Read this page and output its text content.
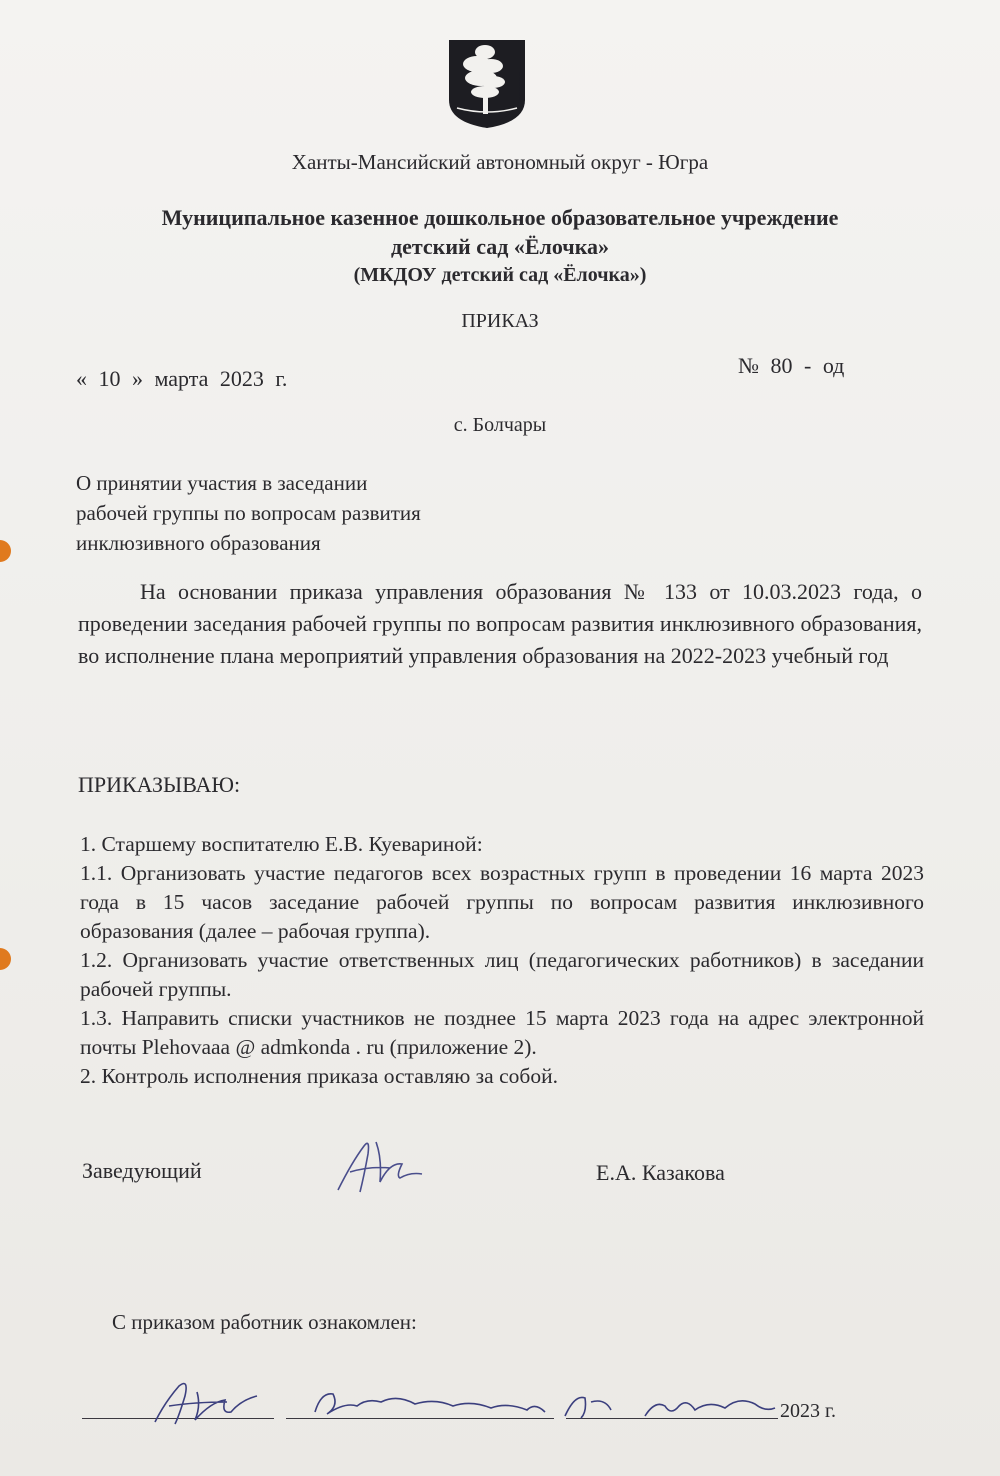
Ханты-Мансийский автономный округ - Югра
Муниципальное казенное дошкольное образовательное учреждение
детский сад «Ёлочка»
(МКДОУ детский сад «Ёлочка»)
ПРИКАЗ
« 10 » марта 2023 г.
№ 80 - од
с. Болчары
О принятии участия в заседании
рабочей группы по вопросам развития
инклюзивного образования
На основании приказа управления образования № 133 от 10.03.2023 года, о проведении заседания рабочей группы по вопросам развития инклюзивного образования, во исполнение плана мероприятий управления образования на 2022-2023 учебный год
ПРИКАЗЫВАЮ:

1. Старшему воспитателю Е.В. Куевариной:

1.1. Организовать участие педагогов всех возрастных групп в проведении 16 марта 2023 года в 15 часов заседание рабочей группы по вопросам развития инклюзивного образования (далее – рабочая группа).

1.2. Организовать участие ответственных лиц (педагогических работников) в заседании рабочей группы.

1.3. Направить списки участников не позднее 15 марта 2023 года на адрес электронной почты Plehovaaa @ admkonda . ru (приложение 2).

2. Контроль исполнения приказа оставляю за собой.

Заведующий	Е.А. Казакова
С приказом работник ознакомлен:
Е.В. Куеварина 10 марта	2023 г.
